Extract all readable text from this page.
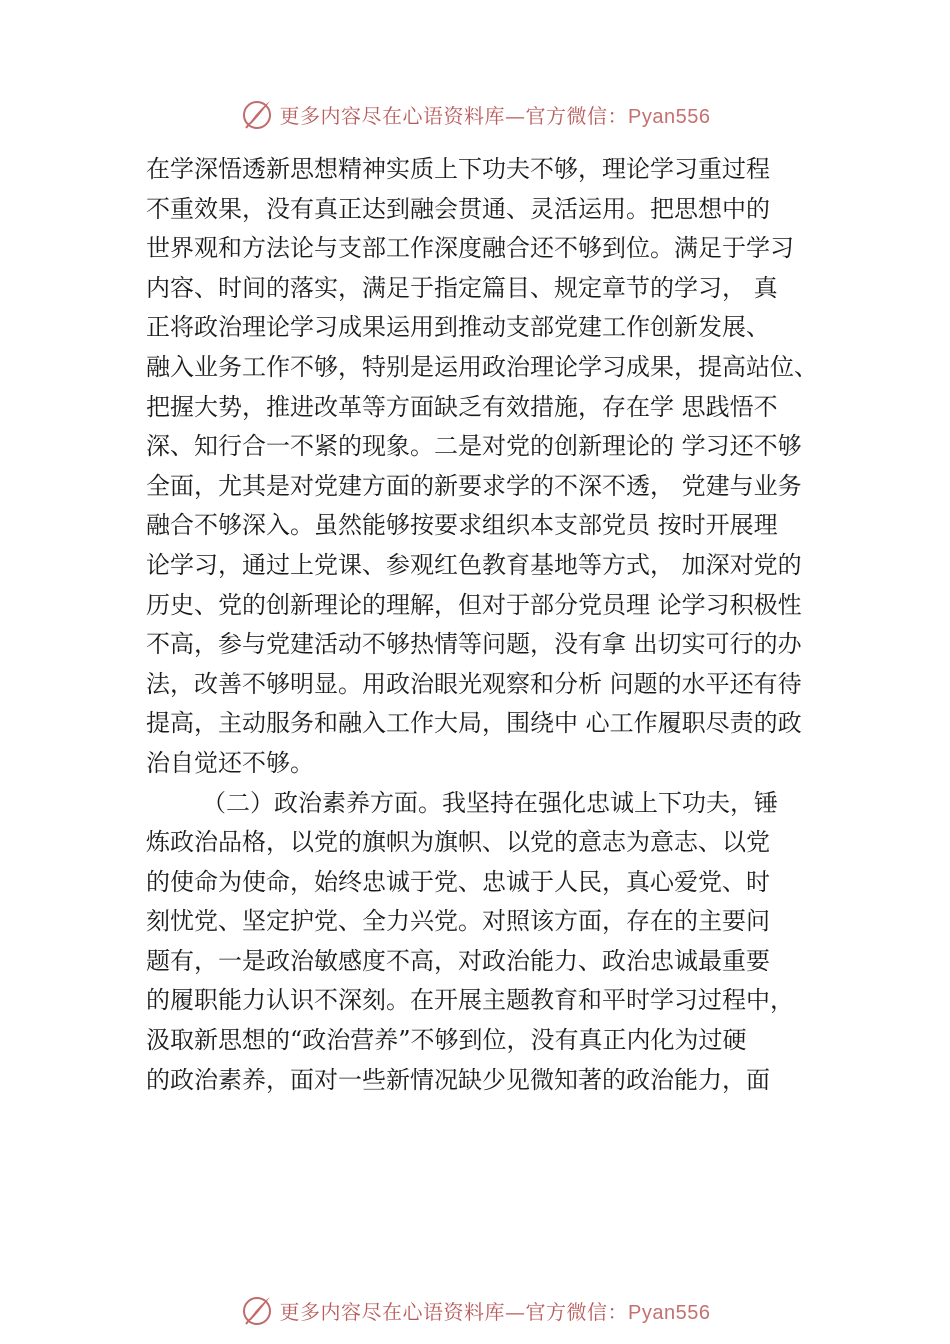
更多内容尽在心语资料库—官方微信：Pyan556
在学深悟透新思想精神实质上下功夫不够，理论学习重过程
不重效果，没有真正达到融会贯通、灵活运用。把思想中的
世界观和方法论与支部工作深度融合还不够到位。满足于学习
内容、时间的落实，满足于指定篇目、规定章节的学习， 真
正将政治理论学习成果运用到推动支部党建工作创新发展、
融入业务工作不够，特别是运用政治理论学习成果，提高站位、
把握大势，推进改革等方面缺乏有效措施，存在学 思践悟不
深、知行合一不紧的现象。二是对党的创新理论的 学习还不够
全面，尤其是对党建方面的新要求学的不深不透， 党建与业务
融合不够深入。虽然能够按要求组织本支部党员 按时开展理
论学习，通过上党课、参观红色教育基地等方式， 加深对党的
历史、党的创新理论的理解，但对于部分党员理 论学习积极性
不高，参与党建活动不够热情等问题，没有拿 出切实可行的办
法，改善不够明显。用政治眼光观察和分析 问题的水平还有待
提高，主动服务和融入工作大局，围绕中 心工作履职尽责的政
治自觉还不够。
（二）政治素养方面。我坚持在强化忠诚上下功夫，锤
炼政治品格，以党的旗帜为旗帜、以党的意志为意志、以党
的使命为使命，始终忠诚于党、忠诚于人民，真心爱党、时
刻忧党、坚定护党、全力兴党。对照该方面，存在的主要问
题有，一是政治敏感度不高，对政治能力、政治忠诚最重要
的履职能力认识不深刻。在开展主题教育和平时学习过程中，
汲取新思想的“政治营养”不够到位，没有真正内化为过硬
的政治素养，面对一些新情况缺少见微知著的政治能力，面
更多内容尽在心语资料库—官方微信：Pyan556
